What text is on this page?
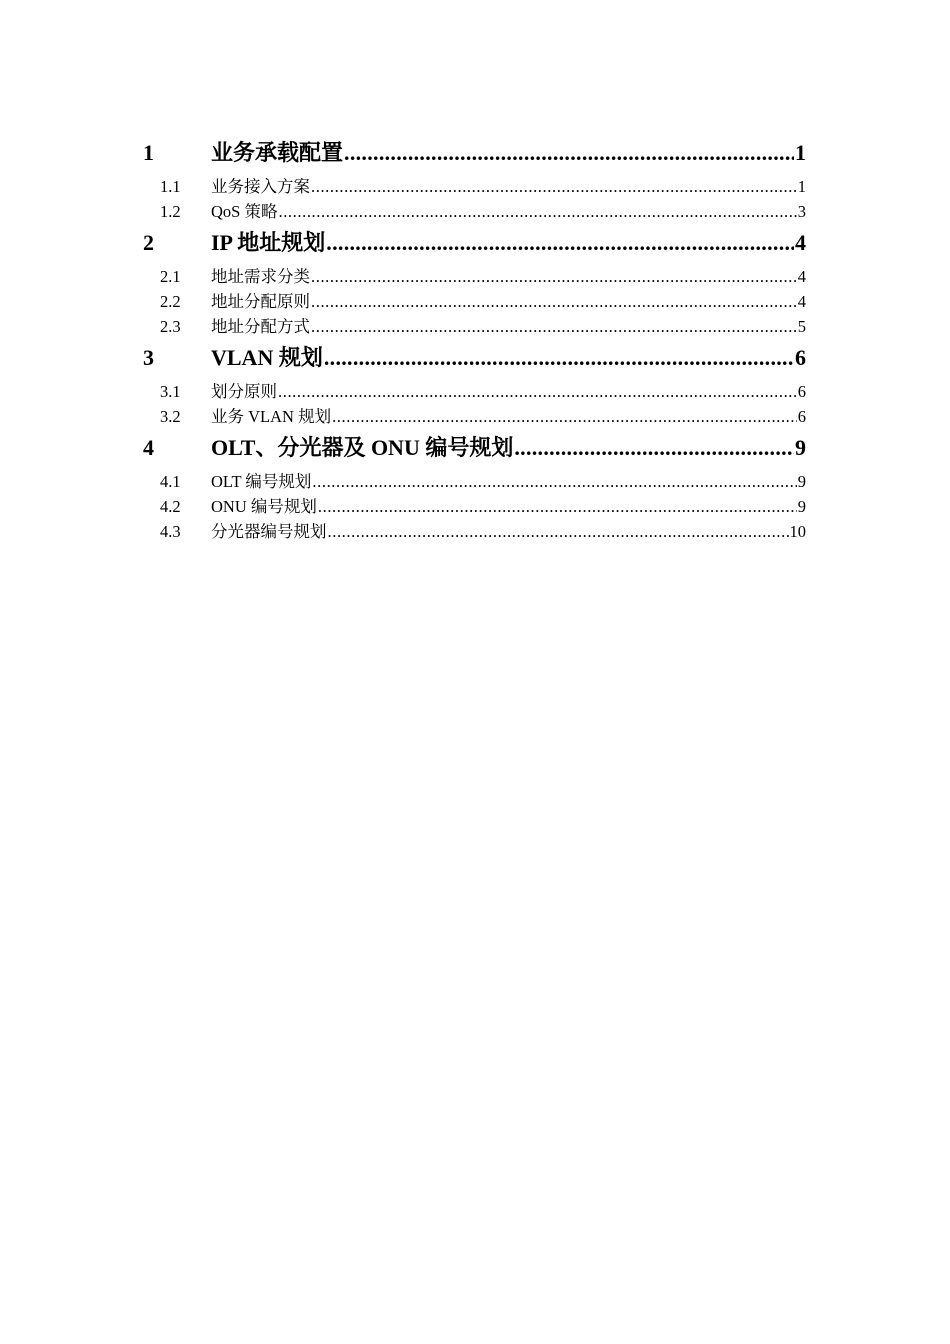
1	业务承载配置 .....	1
1.1	业务接入方案 .....	1
1.2	QoS 策略 .....	3
2	IP 地址规划 .....	4
2.1	地址需求分类 .....	4
2.2	地址分配原则 .....	4
2.3	地址分配方式 .....	5
3	VLAN 规划 .....	6
3.1	划分原则 .....	6
3.2	业务 VLAN 规划 .....	6
4	OLT、分光器及 ONU 编号规划 .....	9
4.1	OLT 编号规划 .....	9
4.2	ONU 编号规划 .....	9
4.3	分光器编号规划 .....	10
